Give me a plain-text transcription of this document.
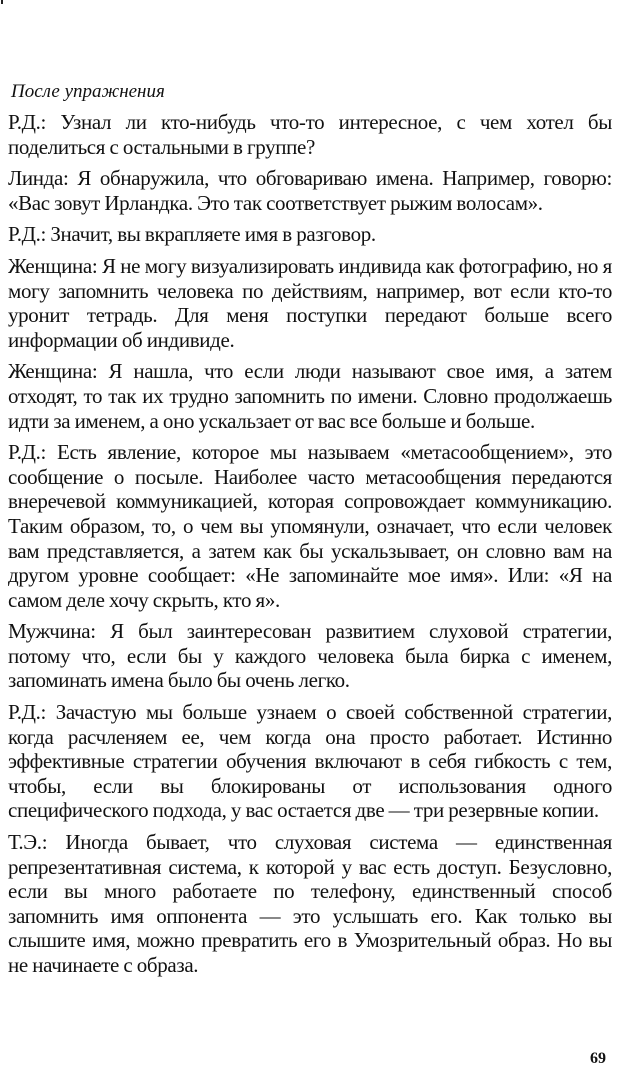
После упражнения

Р.Д.: Узнал ли кто-нибудь что-то интересное, с чем хотел бы поделиться с остальными в группе?

Линда: Я обнаружила, что обговариваю имена. Например, говорю: «Вас зовут Ирландка. Это так соответствует рыжим волосам».

Р.Д.: Значит, вы вкрапляете имя в разговор.

Женщина: Я не могу визуализировать индивида как фотографию, но я могу запомнить человека по действиям, например, вот если кто-то уронит тетрадь. Для меня поступки передают больше всего информации об индивиде.

Женщина: Я нашла, что если люди называют свое имя, а затем отходят, то так их трудно запомнить по имени. Словно продолжаешь идти за именем, а оно ускальзает от вас все больше и больше.

Р.Д.: Есть явление, которое мы называем «метасообщением», это сообщение о посыле. Наиболее часто метасообщения передаются внеречевой коммуникацией, которая сопровождает коммуникацию. Таким образом, то, о чем вы упомянули, означает, что если человек вам представляется, а затем как бы ускальзывает, он словно вам на другом уровне сообщает: «Не запоминайте мое имя». Или: «Я на самом деле хочу скрыть, кто я».

Мужчина: Я был заинтересован развитием слуховой стратегии, потому что, если бы у каждого человека была бирка с именем, запоминать имена было бы очень легко.

Р.Д.: Зачастую мы больше узнаем о своей собственной стратегии, когда расчленяем ее, чем когда она просто работает. Истинно эффективные стратегии обучения включают в себя гибкость с тем, чтобы, если вы блокированы от использования одного специфического подхода, у вас остается две — три резервные копии.

Т.Э.: Иногда бывает, что слуховая система — единственная репрезентативная система, к которой у вас есть доступ. Безусловно, если вы много работаете по телефону, единственный способ запомнить имя оппонента — это услышать его. Как только вы слышите имя, можно превратить его в Умозрительный образ. Но вы не начинаете с образа.

69
